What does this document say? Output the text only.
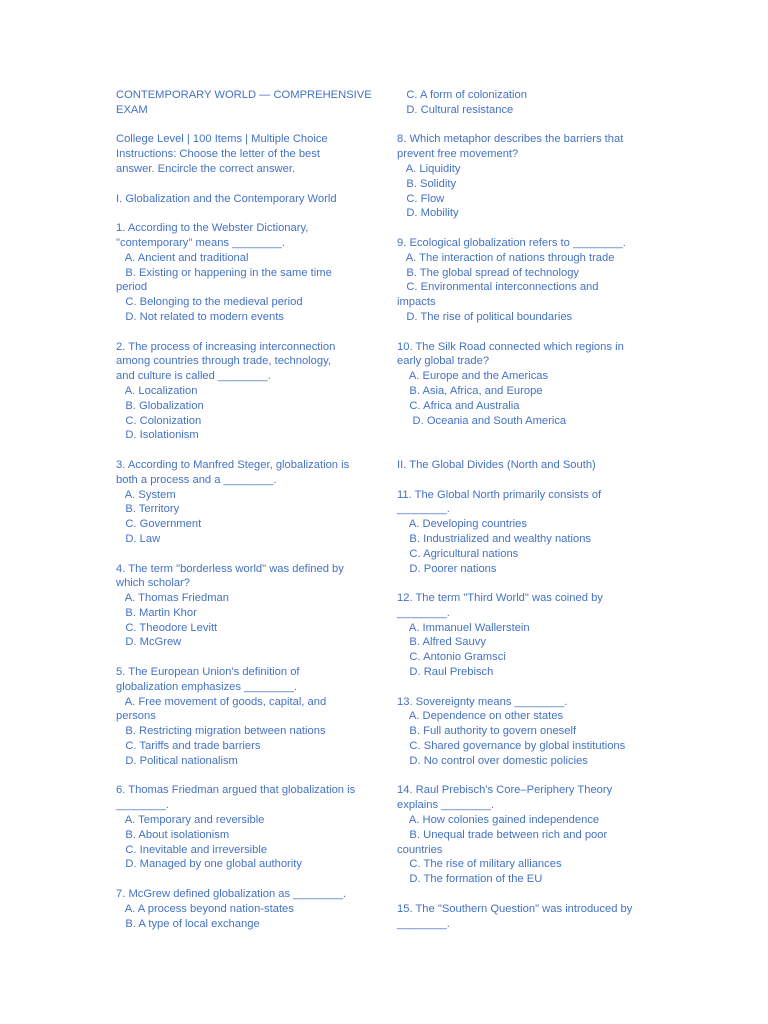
CONTEMPORARY WORLD — COMPREHENSIVE
EXAM
College Level | 100 Items | Multiple Choice
Instructions: Choose the letter of the best
answer. Encircle the correct answer.
I. Globalization and the Contemporary World
1. According to the Webster Dictionary,
"contemporary" means ________.
A. Ancient and traditional
B. Existing or happening in the same time
period
C. Belonging to the medieval period
D. Not related to modern events
2. The process of increasing interconnection
among countries through trade, technology,
and culture is called ________.
A. Localization
B. Globalization
C. Colonization
D. Isolationism
3. According to Manfred Steger, globalization is
both a process and a ________.
A. System
B. Territory
C. Government
D. Law
4. The term "borderless world" was defined by
which scholar?
A. Thomas Friedman
B. Martin Khor
C. Theodore Levitt
D. McGrew
5. The European Union's definition of
globalization emphasizes ________.
A. Free movement of goods, capital, and
persons
B. Restricting migration between nations
C. Tariffs and trade barriers
D. Political nationalism
6. Thomas Friedman argued that globalization is
________.
A. Temporary and reversible
B. About isolationism
C. Inevitable and irreversible
D. Managed by one global authority
7. McGrew defined globalization as ________.
A. A process beyond nation-states
B. A type of local exchange
C. A form of colonization
D. Cultural resistance
8. Which metaphor describes the barriers that
prevent free movement?
A. Liquidity
B. Solidity
C. Flow
D. Mobility
9. Ecological globalization refers to ________.
A. The interaction of nations through trade
B. The global spread of technology
C. Environmental interconnections and
impacts
D. The rise of political boundaries
10. The Silk Road connected which regions in
early global trade?
A. Europe and the Americas
B. Asia, Africa, and Europe
C. Africa and Australia
D. Oceania and South America
II. The Global Divides (North and South)
11. The Global North primarily consists of
________.
A. Developing countries
B. Industrialized and wealthy nations
C. Agricultural nations
D. Poorer nations
12. The term "Third World" was coined by
________.
A. Immanuel Wallerstein
B. Alfred Sauvy
C. Antonio Gramsci
D. Raul Prebisch
13. Sovereignty means ________.
A. Dependence on other states
B. Full authority to govern oneself
C. Shared governance by global institutions
D. No control over domestic policies
14. Raul Prebisch's Core–Periphery Theory
explains ________.
A. How colonies gained independence
B. Unequal trade between rich and poor
countries
C. The rise of military alliances
D. The formation of the EU
15. The "Southern Question" was introduced by
________.
